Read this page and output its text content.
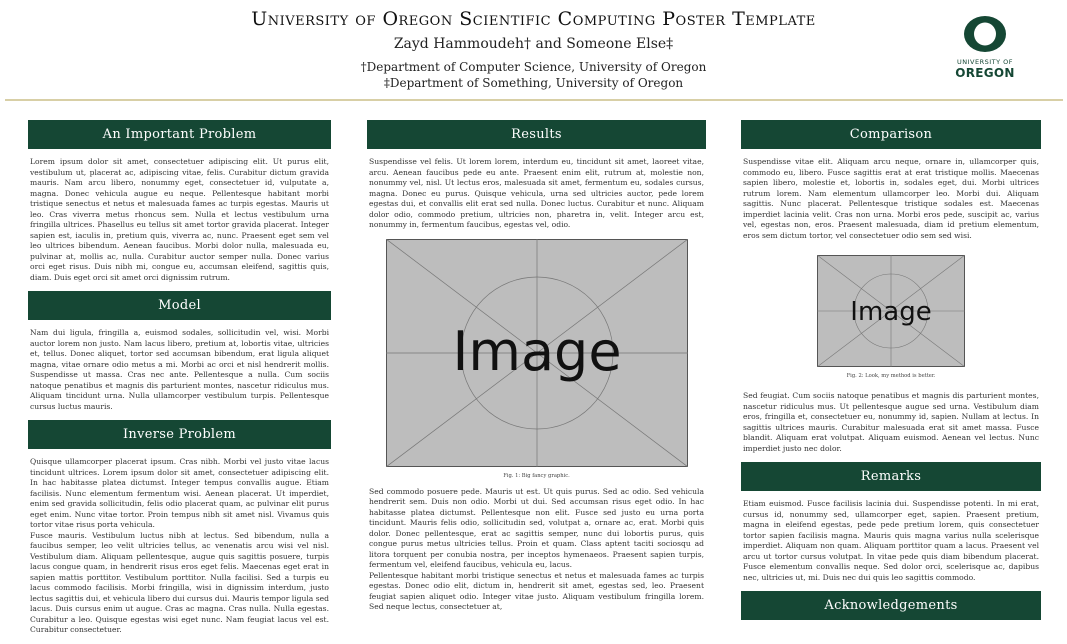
University of Oregon Scientific Computing Poster Template
Zayd Hammoudeh† and Someone Else‡
†Department of Computer Science, University of Oregon
‡Department of Something, University of Oregon
UNIVERSITY OF
OREGON
An Important Problem
Lorem ipsum dolor sit amet, consectetuer adipiscing elit. Ut purus elit, vestibulum ut, placerat ac, adipiscing vitae, felis. Curabitur dictum gravida mauris. Nam arcu libero, nonummy eget, consectetuer id, vulputate a, magna. Donec vehicula augue eu neque. Pellentesque habitant morbi tristique senectus et netus et malesuada fames ac turpis egestas. Mauris ut leo. Cras viverra metus rhoncus sem. Nulla et lectus vestibulum urna fringilla ultrices. Phasellus eu tellus sit amet tortor gravida placerat. Integer sapien est, iaculis in, pretium quis, viverra ac, nunc. Praesent eget sem vel leo ultrices bibendum. Aenean faucibus. Morbi dolor nulla, malesuada eu, pulvinar at, mollis ac, nulla. Curabitur auctor semper nulla. Donec varius orci eget risus. Duis nibh mi, congue eu, accumsan eleifend, sagittis quis, diam. Duis eget orci sit amet orci dignissim rutrum.
Model
Nam dui ligula, fringilla a, euismod sodales, sollicitudin vel, wisi. Morbi auctor lorem non justo. Nam lacus libero, pretium at, lobortis vitae, ultricies et, tellus. Donec aliquet, tortor sed accumsan bibendum, erat ligula aliquet magna, vitae ornare odio metus a mi. Morbi ac orci et nisl hendrerit mollis. Suspendisse ut massa. Cras nec ante. Pellentesque a nulla. Cum sociis natoque penatibus et magnis dis parturient montes, nascetur ridiculus mus. Aliquam tincidunt urna. Nulla ullamcorper vestibulum turpis. Pellentesque cursus luctus mauris.
Inverse Problem
Quisque ullamcorper placerat ipsum. Cras nibh. Morbi vel justo vitae lacus tincidunt ultrices. Lorem ipsum dolor sit amet, consectetuer adipiscing elit. In hac habitasse platea dictumst. Integer tempus convallis augue. Etiam facilisis. Nunc elementum fermentum wisi. Aenean placerat. Ut imperdiet, enim sed gravida sollicitudin, felis odio placerat quam, ac pulvinar elit purus eget enim. Nunc vitae tortor. Proin tempus nibh sit amet nisl. Vivamus quis tortor vitae risus porta vehicula.
Fusce mauris. Vestibulum luctus nibh at lectus. Sed bibendum, nulla a faucibus semper, leo velit ultricies tellus, ac venenatis arcu wisi vel nisl. Vestibulum diam. Aliquam pellentesque, augue quis sagittis posuere, turpis lacus congue quam, in hendrerit risus eros eget felis. Maecenas eget erat in sapien mattis porttitor. Vestibulum porttitor. Nulla facilisi. Sed a turpis eu lacus commodo facilisis. Morbi fringilla, wisi in dignissim interdum, justo lectus sagittis dui, et vehicula libero dui cursus dui. Mauris tempor ligula sed lacus. Duis cursus enim ut augue. Cras ac magna. Cras nulla. Nulla egestas. Curabitur a leo. Quisque egestas wisi eget nunc. Nam feugiat lacus vel est. Curabitur consectetuer.
Results
Suspendisse vel felis. Ut lorem lorem, interdum eu, tincidunt sit amet, laoreet vitae, arcu. Aenean faucibus pede eu ante. Praesent enim elit, rutrum at, molestie non, nonummy vel, nisl. Ut lectus eros, malesuada sit amet, fermentum eu, sodales cursus, magna. Donec eu purus. Quisque vehicula, urna sed ultricies auctor, pede lorem egestas dui, et convallis elit erat sed nulla. Donec luctus. Curabitur et nunc. Aliquam dolor odio, commodo pretium, ultricies non, pharetra in, velit. Integer arcu est, nonummy in, fermentum faucibus, egestas vel, odio.
Image
Fig. 1: Big fancy graphic.
Sed commodo posuere pede. Mauris ut est. Ut quis purus. Sed ac odio. Sed vehicula hendrerit sem. Duis non odio. Morbi ut dui. Sed accumsan risus eget odio. In hac habitasse platea dictumst. Pellentesque non elit. Fusce sed justo eu urna porta tincidunt. Mauris felis odio, sollicitudin sed, volutpat a, ornare ac, erat. Morbi quis dolor. Donec pellentesque, erat ac sagittis semper, nunc dui lobortis purus, quis congue purus metus ultricies tellus. Proin et quam. Class aptent taciti sociosqu ad litora torquent per conubia nostra, per inceptos hymenaeos. Praesent sapien turpis, fermentum vel, eleifend faucibus, vehicula eu, lacus.
Pellentesque habitant morbi tristique senectus et netus et malesuada fames ac turpis egestas. Donec odio elit, dictum in, hendrerit sit amet, egestas sed, leo. Praesent feugiat sapien aliquet odio. Integer vitae justo. Aliquam vestibulum fringilla lorem. Sed neque lectus, consectetuer at,
Comparison
Suspendisse vitae elit. Aliquam arcu neque, ornare in, ullamcorper quis, commodo eu, libero. Fusce sagittis erat at erat tristique mollis. Maecenas sapien libero, molestie et, lobortis in, sodales eget, dui. Morbi ultrices rutrum lorem. Nam elementum ullamcorper leo. Morbi dui. Aliquam sagittis. Nunc placerat. Pellentesque tristique sodales est. Maecenas imperdiet lacinia velit. Cras non urna. Morbi eros pede, suscipit ac, varius vel, egestas non, eros. Praesent malesuada, diam id pretium elementum, eros sem dictum tortor, vel consectetuer odio sem sed wisi.
Image
Fig. 2: Look, my method is better.
Sed feugiat. Cum sociis natoque penatibus et magnis dis parturient montes, nascetur ridiculus mus. Ut pellentesque augue sed urna. Vestibulum diam eros, fringilla et, consectetuer eu, nonummy id, sapien. Nullam at lectus. In sagittis ultrices mauris. Curabitur malesuada erat sit amet massa. Fusce blandit. Aliquam erat volutpat. Aliquam euismod. Aenean vel lectus. Nunc imperdiet justo nec dolor.
Remarks
Etiam euismod. Fusce facilisis lacinia dui. Suspendisse potenti. In mi erat, cursus id, nonummy sed, ullamcorper eget, sapien. Praesent pretium, magna in eleifend egestas, pede pede pretium lorem, quis consectetuer tortor sapien facilisis magna. Mauris quis magna varius nulla scelerisque imperdiet. Aliquam non quam. Aliquam porttitor quam a lacus. Praesent vel arcu ut tortor cursus volutpat. In vitae pede quis diam bibendum placerat. Fusce elementum convallis neque. Sed dolor orci, scelerisque ac, dapibus nec, ultricies ut, mi. Duis nec dui quis leo sagittis commodo.
Acknowledgements
